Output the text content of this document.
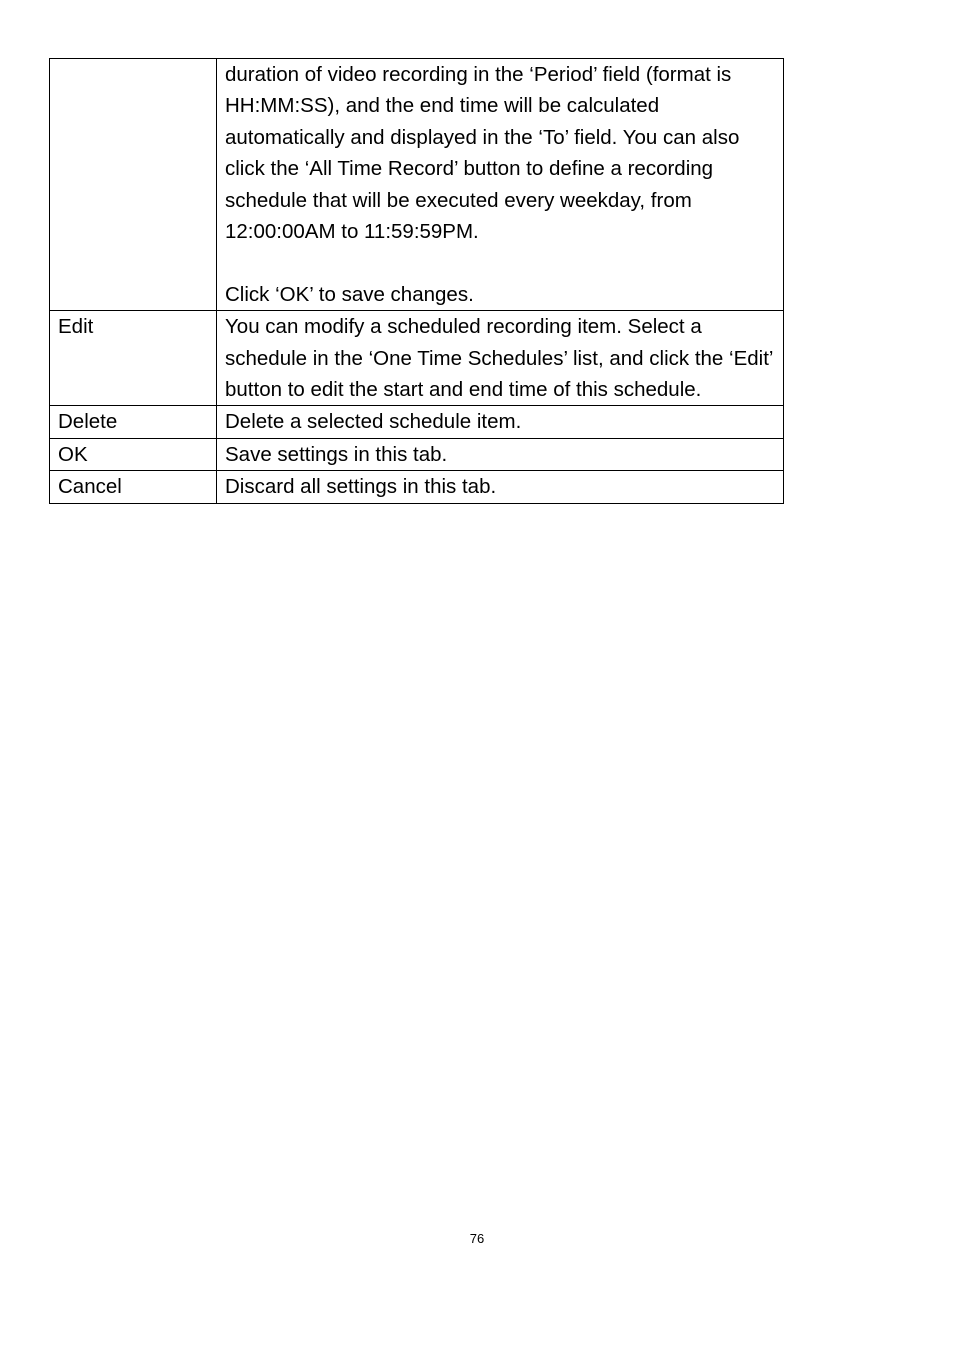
	duration of video recording in the ‘Period’ field (format is HH:MM:SS), and the end time will be calculated automatically and displayed in the ‘To’ field. You can also click the ‘All Time Record’ button to define a recording schedule that will be executed every weekday, from 12:00:00AM to 11:59:59PM.

Click ‘OK’ to save changes.
Edit	You can modify a scheduled recording item. Select a schedule in the ‘One Time Schedules’ list, and click the ‘Edit’ button to edit the start and end time of this schedule.
Delete	Delete a selected schedule item.
OK	Save settings in this tab.
Cancel	Discard all settings in this tab.
76
